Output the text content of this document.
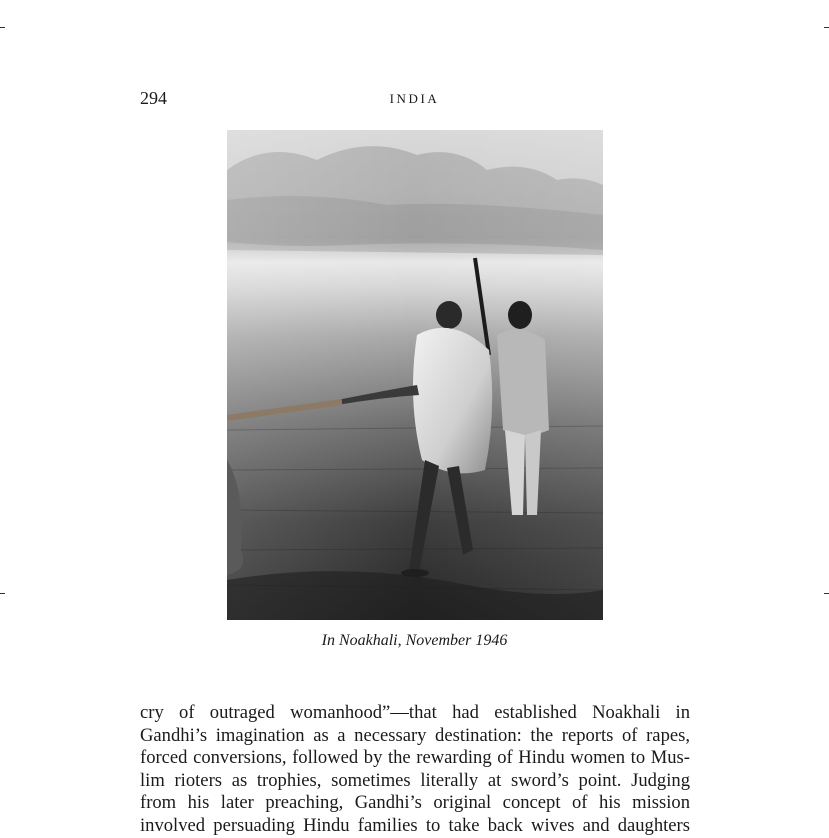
294	INDIA
In Noakhali, November 1946
cry of outraged womanhood”—that had established Noakhali in
Gandhi’s imagination as a necessary destination: the reports of rapes,
forced conversions, followed by the rewarding of Hindu women to Mus-
lim rioters as trophies, sometimes literally at sword’s point. Judging
from his later preaching, Gandhi’s original concept of his mission
involved persuading Hindu families to take back wives and daughters
